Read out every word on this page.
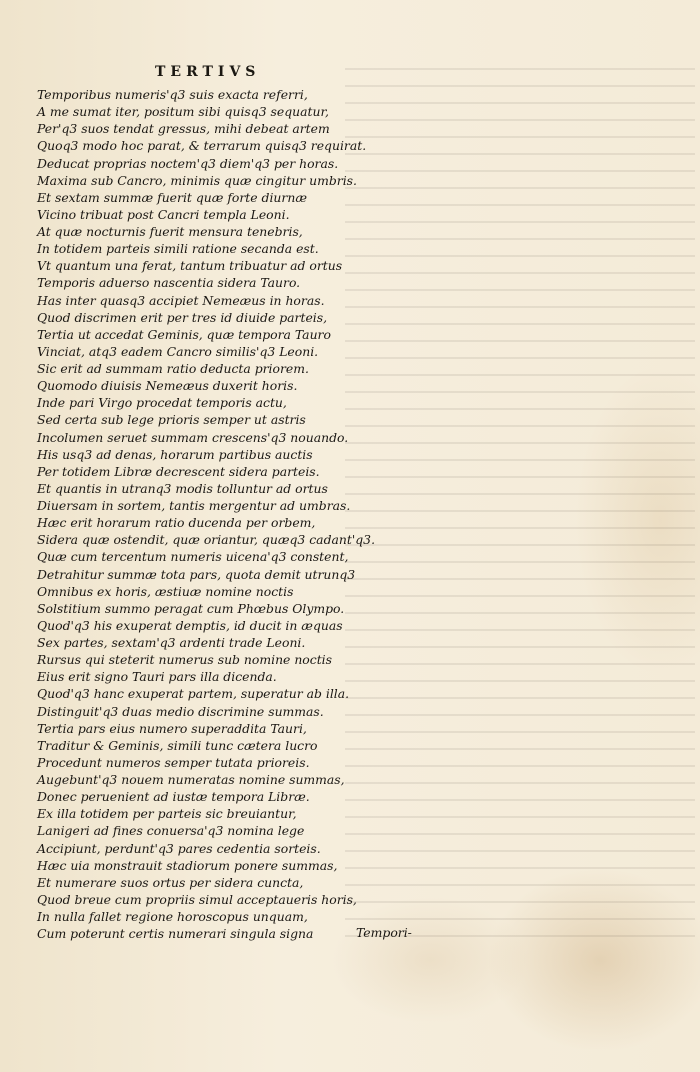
TERTIVS
Temporibus numeris'q3 suis exacta referri,
A me sumat iter, positum sibi quisq3 sequatur,
Per'q3 suos tendat gressus, mihi debeat artem
Quoq3 modo hoc parat, & terrarum quisq3 requirat.
Deducat proprias noctem'q3 diem'q3 per horas.
Maxima sub Cancro, minimis quæ cingitur umbris.
Et sextam summæ fuerit quæ forte diurnæ
Vicino tribuat post Cancri templa Leoni.
At quæ nocturnis fuerit mensura tenebris,
In totidem parteis simili ratione secanda est.
Vt quantum una ferat, tantum tribuatur ad ortus
Temporis aduerso nascentia sidera Tauro.
Has inter quasq3 accipiet Nemeæus in horas.
Quod discrimen erit per tres id diuide parteis,
Tertia ut accedat Geminis, quæ tempora Tauro
Vinciat, atq3 eadem Cancro similis'q3 Leoni.
Sic erit ad summam ratio deducta priorem.
Quomodo diuisis Nemeæus duxerit horis.
Inde pari Virgo procedat temporis actu,
Sed certa sub lege prioris semper ut astris
Incolumen seruet summam crescens'q3 nouando.
His usq3 ad denas, horarum partibus auctis
Per totidem Libræ decrescent sidera parteis.
Et quantis in utranq3 modis tolluntur ad ortus
Diuersam in sortem, tantis mergentur ad umbras.
Hæc erit horarum ratio ducenda per orbem,
Sidera quæ ostendit, quæ oriantur, quæq3 cadant'q3.
Quæ cum tercentum numeris uicena'q3 constent,
Detrahitur summæ tota pars, quota demit utrunq3
Omnibus ex horis, æstiuæ nomine noctis
Solstitium summo peragat cum Phœbus Olympo.
Quod'q3 his exuperat demptis, id ducit in æquas
Sex partes, sextam'q3 ardenti trade Leoni.
Rursus qui steterit numerus sub nomine noctis
Eius erit signo Tauri pars illa dicenda.
Quod'q3 hanc exuperat partem, superatur ab illa.
Distinguit'q3 duas medio discrimine summas.
Tertia pars eius numero superaddita Tauri,
Traditur & Geminis, simili tunc cætera lucro
Procedunt numeros semper tutata prioreis.
Augebunt'q3 nouem numeratas nomine summas,
Donec peruenient ad iustæ tempora Libræ.
Ex illa totidem per parteis sic breuiantur,
Lanigeri ad fines conuersa'q3 nomina lege
Accipiunt, perdunt'q3 pares cedentia sorteis.
Hæc uia monstrauit stadiorum ponere summas,
Et numerare suos ortus per sidera cuncta,
Quod breue cum propriis simul acceptaueris horis,
In nulla fallet regione horoscopus unquam,
Cum poterunt certis numerari singula signa	Tempori-
